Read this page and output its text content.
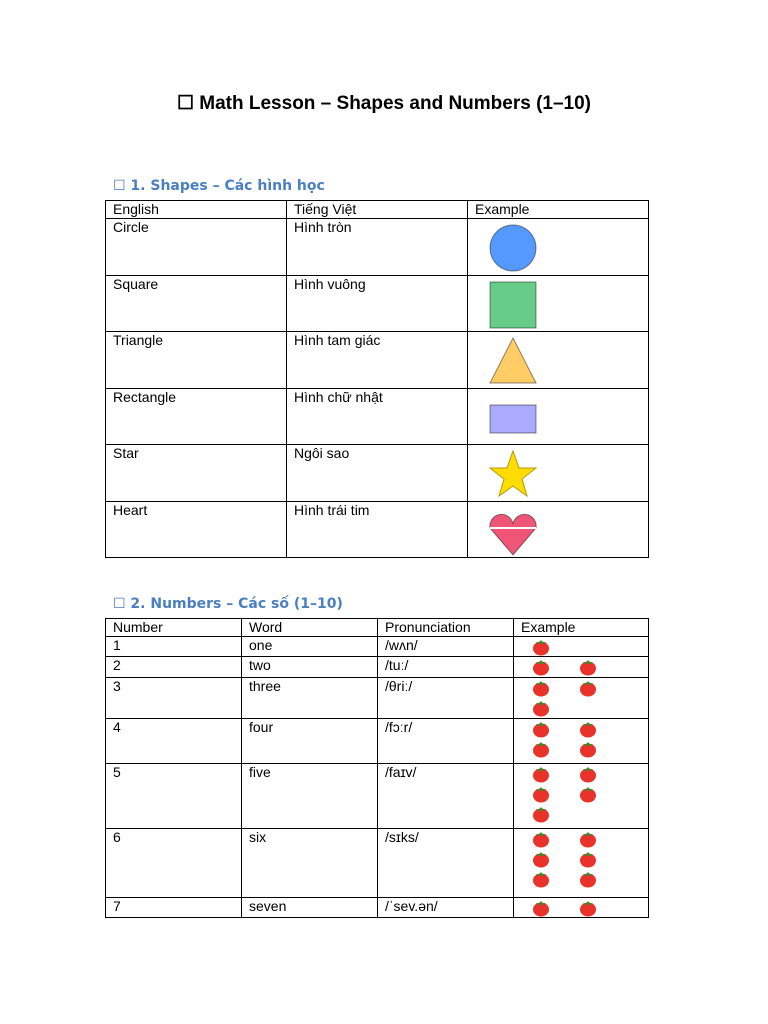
☐ Math Lesson – Shapes and Numbers (1–10)
☐ 1. Shapes – Các hình học
English	Tiếng Việt	Example
Circle	Hình tròn	

Square	Hình vuông	

Triangle	Hình tam giác	

Rectangle	Hình chữ nhật	

Star	Ngôi sao	

Heart	Hình trái tim	
☐ 2. Numbers – Các số (1–10)
Number	Word	Pronunciation	Example
1	one	/wʌn/	

2	two	/tuː/	

3	three	/θriː/	

4	four	/fɔːr/	

5	five	/faɪv/	

6	six	/sɪks/	

7	seven	/ˈsev.ən/	
